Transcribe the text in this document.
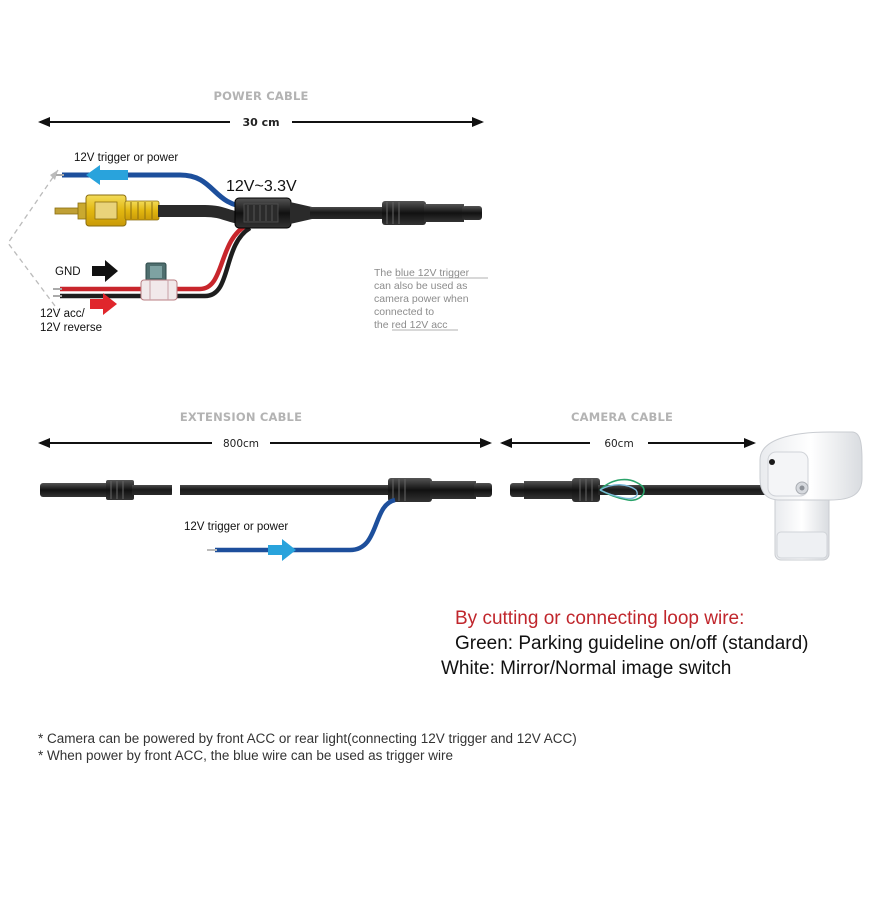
POWER CABLE
30 cm
12V trigger or power
GND
12V acc/
12V reverse
12V~3.3V
The blue 12V trigger
can also be used as
camera power when
connected to
the red 12V acc
EXTENSION CABLE
800cm
12V trigger or power
CAMERA CABLE
60cm
By cutting or connecting loop wire:
Green: Parking guideline on/off (standard)
White: Mirror/Normal image switch
* Camera can be powered by front ACC or rear light(connecting 12V trigger and 12V ACC)
* When power by front ACC, the blue wire can be used as trigger wire
